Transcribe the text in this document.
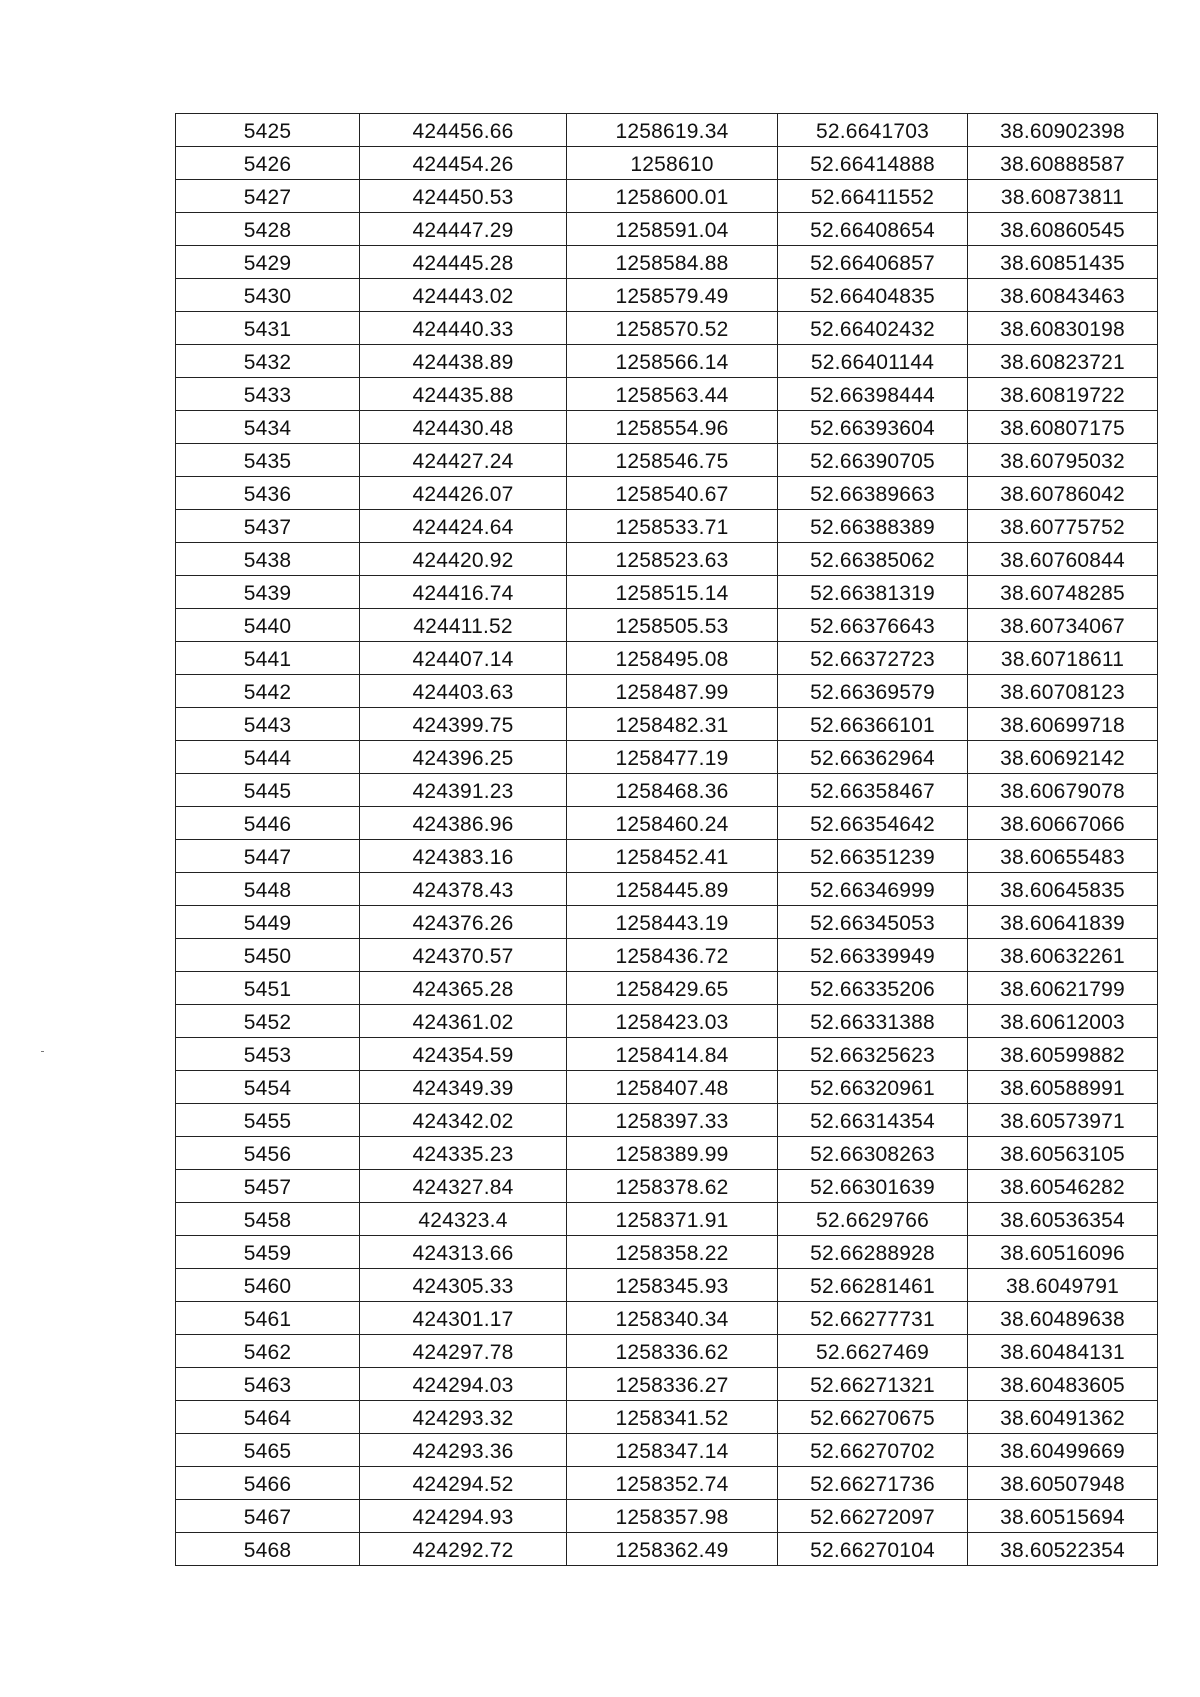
5425	424456.66	1258619.34	52.6641703	38.60902398
5426	424454.26	1258610	52.66414888	38.60888587
5427	424450.53	1258600.01	52.66411552	38.60873811
5428	424447.29	1258591.04	52.66408654	38.60860545
5429	424445.28	1258584.88	52.66406857	38.60851435
5430	424443.02	1258579.49	52.66404835	38.60843463
5431	424440.33	1258570.52	52.66402432	38.60830198
5432	424438.89	1258566.14	52.66401144	38.60823721
5433	424435.88	1258563.44	52.66398444	38.60819722
5434	424430.48	1258554.96	52.66393604	38.60807175
5435	424427.24	1258546.75	52.66390705	38.60795032
5436	424426.07	1258540.67	52.66389663	38.60786042
5437	424424.64	1258533.71	52.66388389	38.60775752
5438	424420.92	1258523.63	52.66385062	38.60760844
5439	424416.74	1258515.14	52.66381319	38.60748285
5440	424411.52	1258505.53	52.66376643	38.60734067
5441	424407.14	1258495.08	52.66372723	38.60718611
5442	424403.63	1258487.99	52.66369579	38.60708123
5443	424399.75	1258482.31	52.66366101	38.60699718
5444	424396.25	1258477.19	52.66362964	38.60692142
5445	424391.23	1258468.36	52.66358467	38.60679078
5446	424386.96	1258460.24	52.66354642	38.60667066
5447	424383.16	1258452.41	52.66351239	38.60655483
5448	424378.43	1258445.89	52.66346999	38.60645835
5449	424376.26	1258443.19	52.66345053	38.60641839
5450	424370.57	1258436.72	52.66339949	38.60632261
5451	424365.28	1258429.65	52.66335206	38.60621799
5452	424361.02	1258423.03	52.66331388	38.60612003
5453	424354.59	1258414.84	52.66325623	38.60599882
5454	424349.39	1258407.48	52.66320961	38.60588991
5455	424342.02	1258397.33	52.66314354	38.60573971
5456	424335.23	1258389.99	52.66308263	38.60563105
5457	424327.84	1258378.62	52.66301639	38.60546282
5458	424323.4	1258371.91	52.6629766	38.60536354
5459	424313.66	1258358.22	52.66288928	38.60516096
5460	424305.33	1258345.93	52.66281461	38.6049791
5461	424301.17	1258340.34	52.66277731	38.60489638
5462	424297.78	1258336.62	52.6627469	38.60484131
5463	424294.03	1258336.27	52.66271321	38.60483605
5464	424293.32	1258341.52	52.66270675	38.60491362
5465	424293.36	1258347.14	52.66270702	38.60499669
5466	424294.52	1258352.74	52.66271736	38.60507948
5467	424294.93	1258357.98	52.66272097	38.60515694
5468	424292.72	1258362.49	52.66270104	38.60522354
